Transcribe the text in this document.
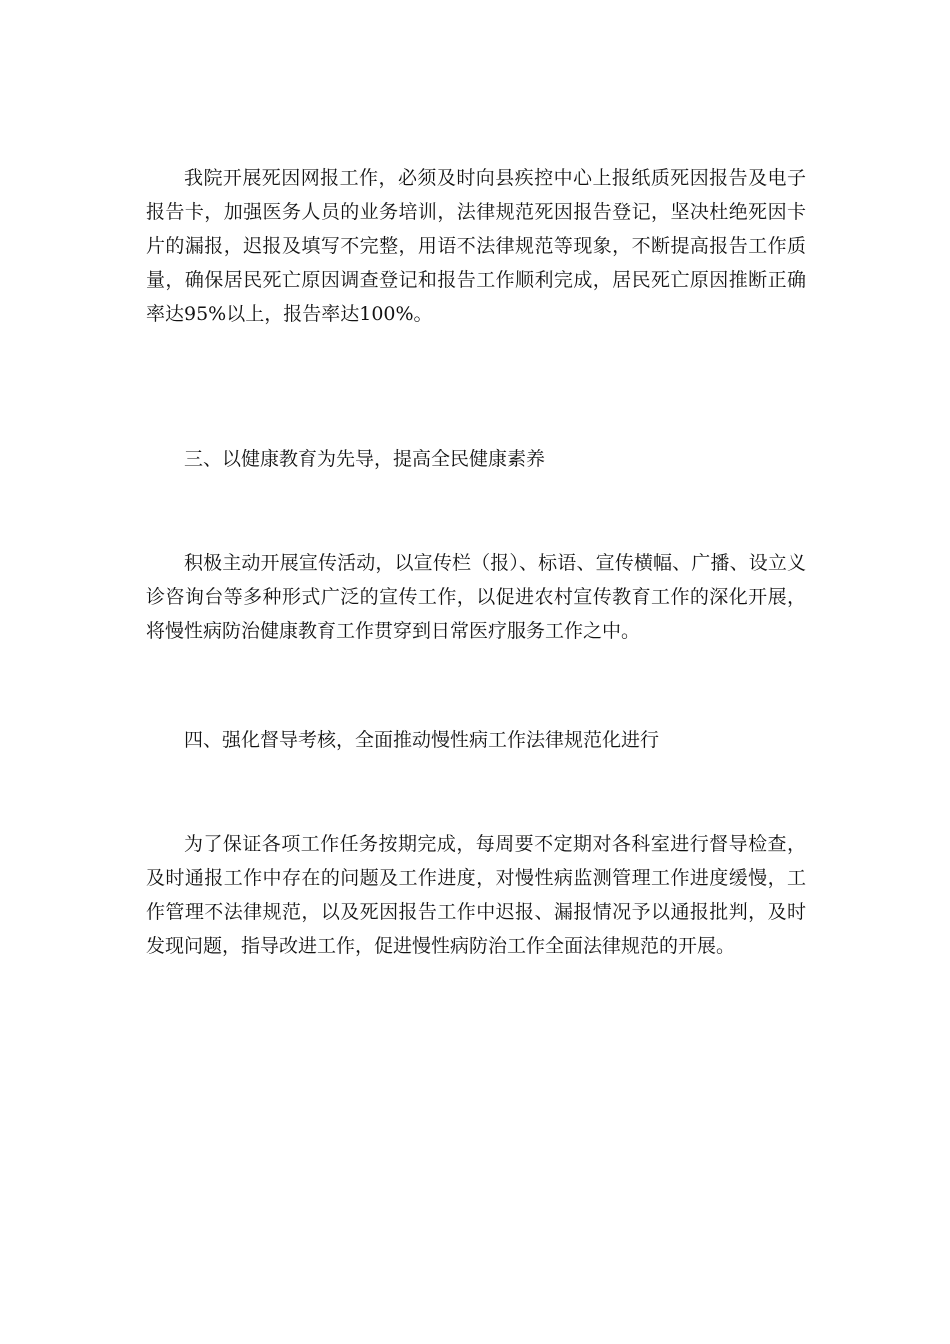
我院开展死因网报工作，必须及时向县疾控中心上报纸质死因报告及电子报告卡，加强医务人员的业务培训，法律规范死因报告登记，坚决杜绝死因卡片的漏报，迟报及填写不完整，用语不法律规范等现象，不断提高报告工作质量，确保居民死亡原因调查登记和报告工作顺利完成，居民死亡原因推断正确率达95%以上，报告率达100%。

三、以健康教育为先导，提高全民健康素养

积极主动开展宣传活动，以宣传栏（报）、标语、宣传横幅、广播、设立义诊咨询台等多种形式广泛的宣传工作，以促进农村宣传教育工作的深化开展，将慢性病防治健康教育工作贯穿到日常医疗服务工作之中。

四、强化督导考核，全面推动慢性病工作法律规范化进行

为了保证各项工作任务按期完成，每周要不定期对各科室进行督导检查，及时通报工作中存在的问题及工作进度，对慢性病监测管理工作进度缓慢，工作管理不法律规范，以及死因报告工作中迟报、漏报情况予以通报批判，及时发现问题，指导改进工作，促进慢性病防治工作全面法律规范的开展。
